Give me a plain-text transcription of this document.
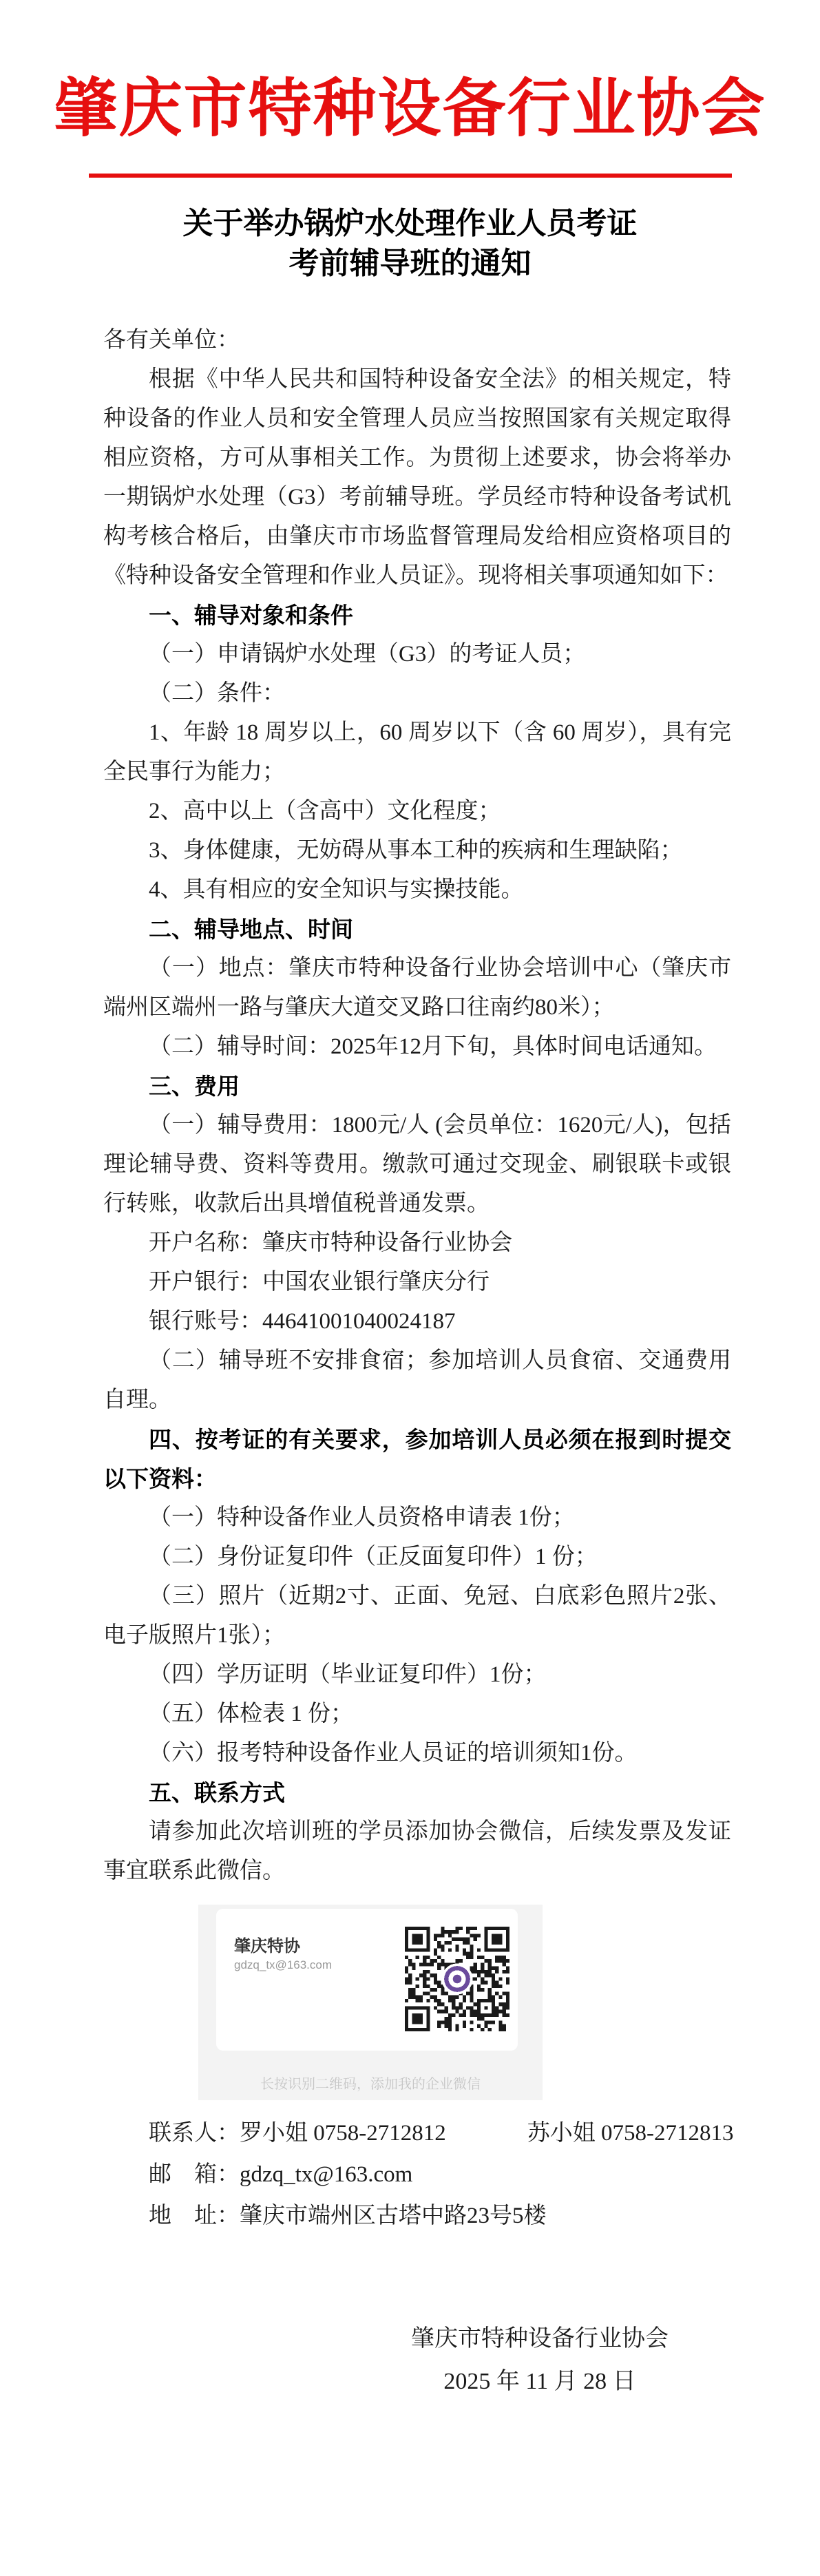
肇庆市特种设备行业协会
关于举办锅炉水处理作业人员考证
考前辅导班的通知

各有关单位：

根据《中华人民共和国特种设备安全法》的相关规定，特种设备的作业人员和安全管理人员应当按照国家有关规定取得相应资格，方可从事相关工作。为贯彻上述要求，协会将举办一期锅炉水处理（G3）考前辅导班。学员经市特种设备考试机构考核合格后，由肇庆市市场监督管理局发给相应资格项目的《特种设备安全管理和作业人员证》。现将相关事项通知如下：

一、辅导对象和条件

（一）申请锅炉水处理（G3）的考证人员；

（二）条件：

1、年龄 18 周岁以上，60 周岁以下（含 60 周岁），具有完全民事行为能力；

2、高中以上（含高中）文化程度；

3、身体健康，无妨碍从事本工种的疾病和生理缺陷；

4、具有相应的安全知识与实操技能。

二、辅导地点、时间

（一）地点：肇庆市特种设备行业协会培训中心（肇庆市端州区端州一路与肇庆大道交叉路口往南约80米）；

（二）辅导时间：2025年12月下旬，具体时间电话通知。

三、费用

（一）辅导费用：1800元/人 (会员单位：1620元/人)，包括理论辅导费、资料等费用。缴款可通过交现金、刷银联卡或银行转账，收款后出具增值税普通发票。

开户名称：肇庆市特种设备行业协会

开户银行：中国农业银行肇庆分行

银行账号：44641001040024187

（二）辅导班不安排食宿；参加培训人员食宿、交通费用自理。

四、按考证的有关要求，参加培训人员必须在报到时提交以下资料：

（一）特种设备作业人员资格申请表 1份；

（二）身份证复印件（正反面复印件）1 份；

（三）照片（近期2寸、正面、免冠、白底彩色照片2张、电子版照片1张）；

（四）学历证明（毕业证复印件）1份；

（五）体检表 1 份；

（六）报考特种设备作业人员证的培训须知1份。

五、联系方式

请参加此次培训班的学员添加协会微信，后续发票及发证事宜联系此微信。

肇庆特协
gdzq_tx@163.com
长按识别二维码，添加我的企业微信

联系人：罗小姐 0758-2712812	苏小姐 0758-2712813

邮　箱：gdzq_tx@163.com

地　址：肇庆市端州区古塔中路23号5楼

肇庆市特种设备行业协会

2025 年 11 月 28 日
